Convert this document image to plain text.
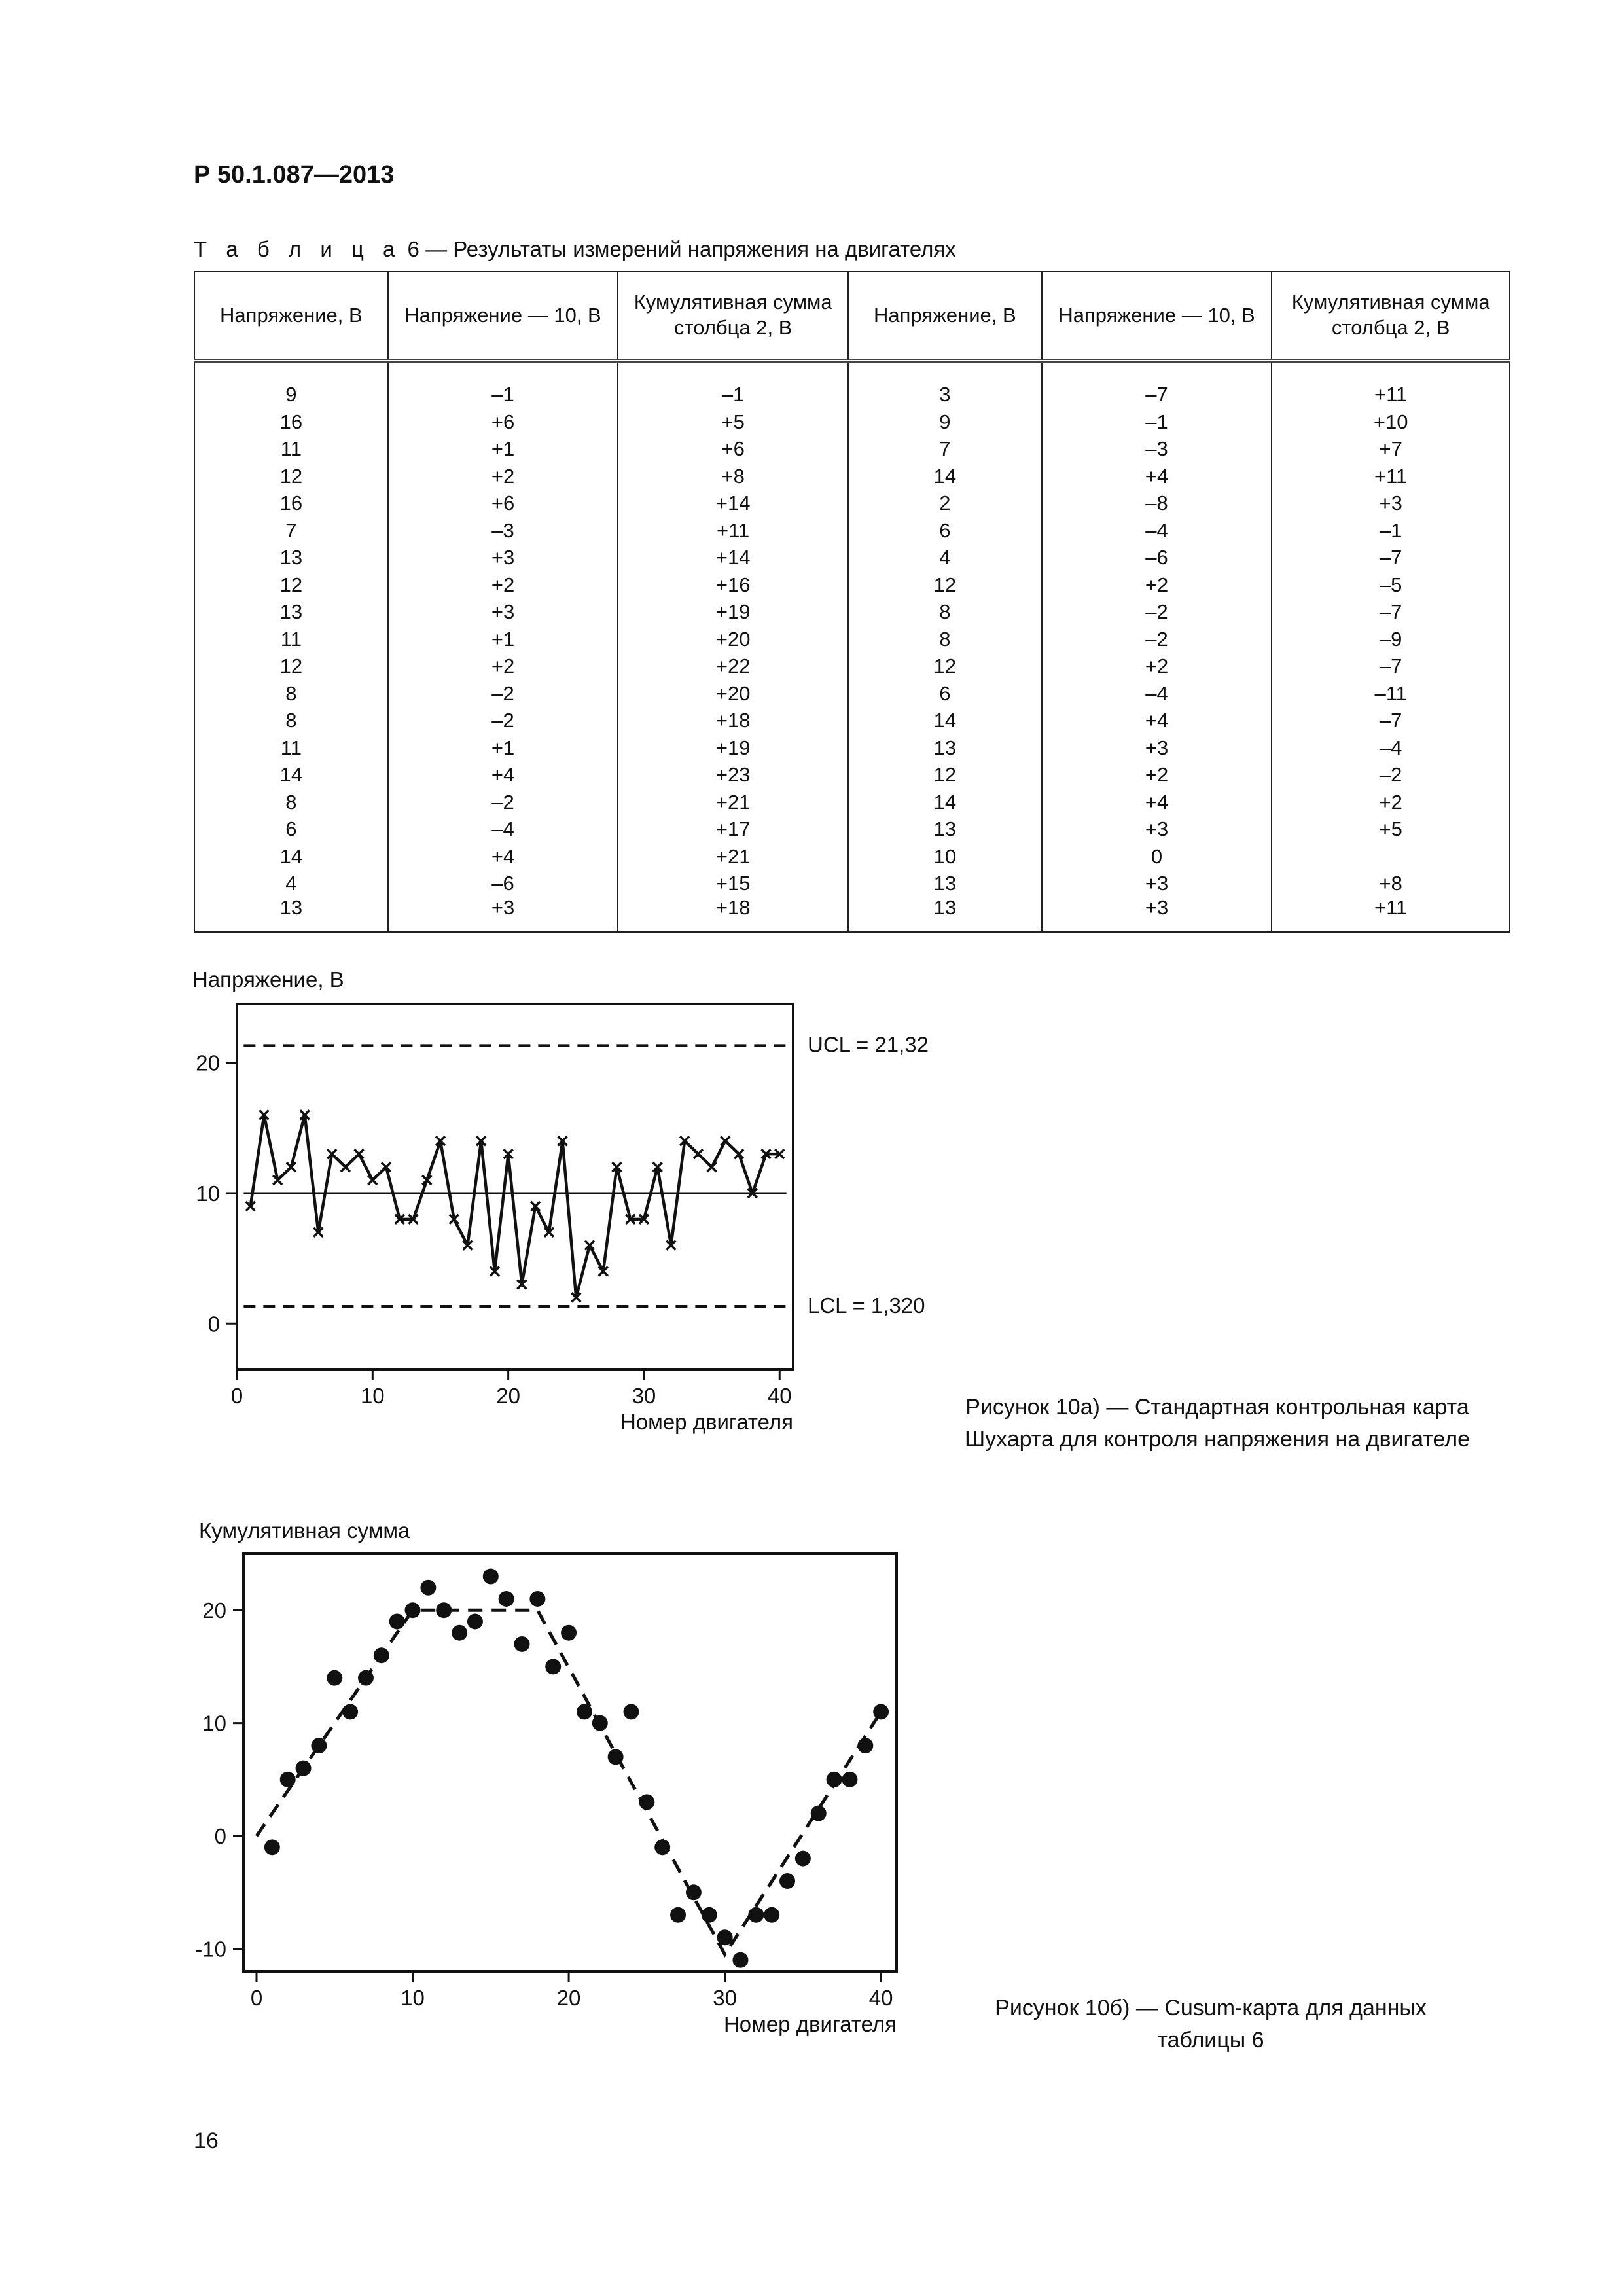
Р 50.1.087—2013
Т а б л и ц а 6 — Результаты измерений напряжения на двигателях
Напряжение, В	Напряжение — 10, В	Кумулятивная сумма столбца 2, В	Напряжение, В	Напряжение — 10, В	Кумулятивная сумма столбца 2, В
9	–1	–1	3	–7	+11
16	+6	+5	9	–1	+10
11	+1	+6	7	–3	+7
12	+2	+8	14	+4	+11
16	+6	+14	2	–8	+3
7	–3	+11	6	–4	–1
13	+3	+14	4	–6	–7
12	+2	+16	12	+2	–5
13	+3	+19	8	–2	–7
11	+1	+20	8	–2	–9
12	+2	+22	12	+2	–7
8	–2	+20	6	–4	–11
8	–2	+18	14	+4	–7
11	+1	+19	13	+3	–4
14	+4	+23	12	+2	–2
8	–2	+21	14	+4	+2
6	–4	+17	13	+3	+5
14	+4	+21	10	0	
4	–6	+15	13	+3	+8
13	+3	+18	13	+3	+11
Напряжение, В
0
10
20
0	10	20	30	40
Номер двигателя
UCL = 21,32
LCL = 1,320
Рисунок 10а) — Стандартная контрольная карта
Шухарта для контроля напряжения на двигателе
Кумулятивная сумма
-10
0
10
20
0	10	20	30	40
Номер двигателя
Рисунок 10б) — Cusum-карта для данных
таблицы 6
16
